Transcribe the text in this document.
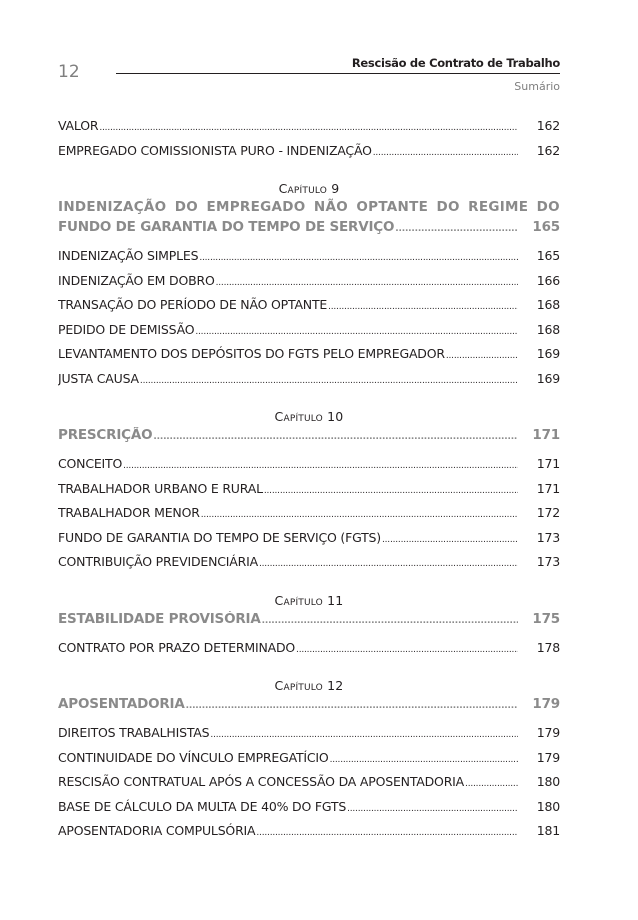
12	Rescisão de Contrato de Trabalho
Sumário
VALOR .....	162
EMPREGADO COMISSIONISTA PURO - INDENIZAÇÃO .....	162
Capítulo 9
INDENIZAÇÃO DO EMPREGADO NÃO OPTANTE DO REGIME DO
FUNDO DE GARANTIA DO TEMPO DE SERVIÇO .....	165
INDENIZAÇÃO SIMPLES .....	165
INDENIZAÇÃO EM DOBRO .....	166
TRANSAÇÃO DO PERÍODO DE NÃO OPTANTE .....	168
PEDIDO DE DEMISSÃO .....	168
LEVANTAMENTO DOS DEPÓSITOS DO FGTS PELO EMPREGADOR .....	169
JUSTA CAUSA .....	169
Capítulo 10
PRESCRIÇÃO .....	171
CONCEITO .....	171
TRABALHADOR URBANO E RURAL .....	171
TRABALHADOR MENOR .....	172
FUNDO DE GARANTIA DO TEMPO DE SERVIÇO (FGTS) .....	173
CONTRIBUIÇÃO PREVIDENCIÁRIA .....	173
Capítulo 11
ESTABILIDADE PROVISÓRIA .....	175
CONTRATO POR PRAZO DETERMINADO .....	178
Capítulo 12
APOSENTADORIA .....	179
DIREITOS TRABALHISTAS .....	179
CONTINUIDADE DO VÍNCULO EMPREGATÍCIO .....	179
RESCISÃO CONTRATUAL APÓS A CONCESSÃO DA APOSENTADORIA .....	180
BASE DE CÁLCULO DA MULTA DE 40% DO FGTS .....	180
APOSENTADORIA COMPULSÓRIA .....	181
